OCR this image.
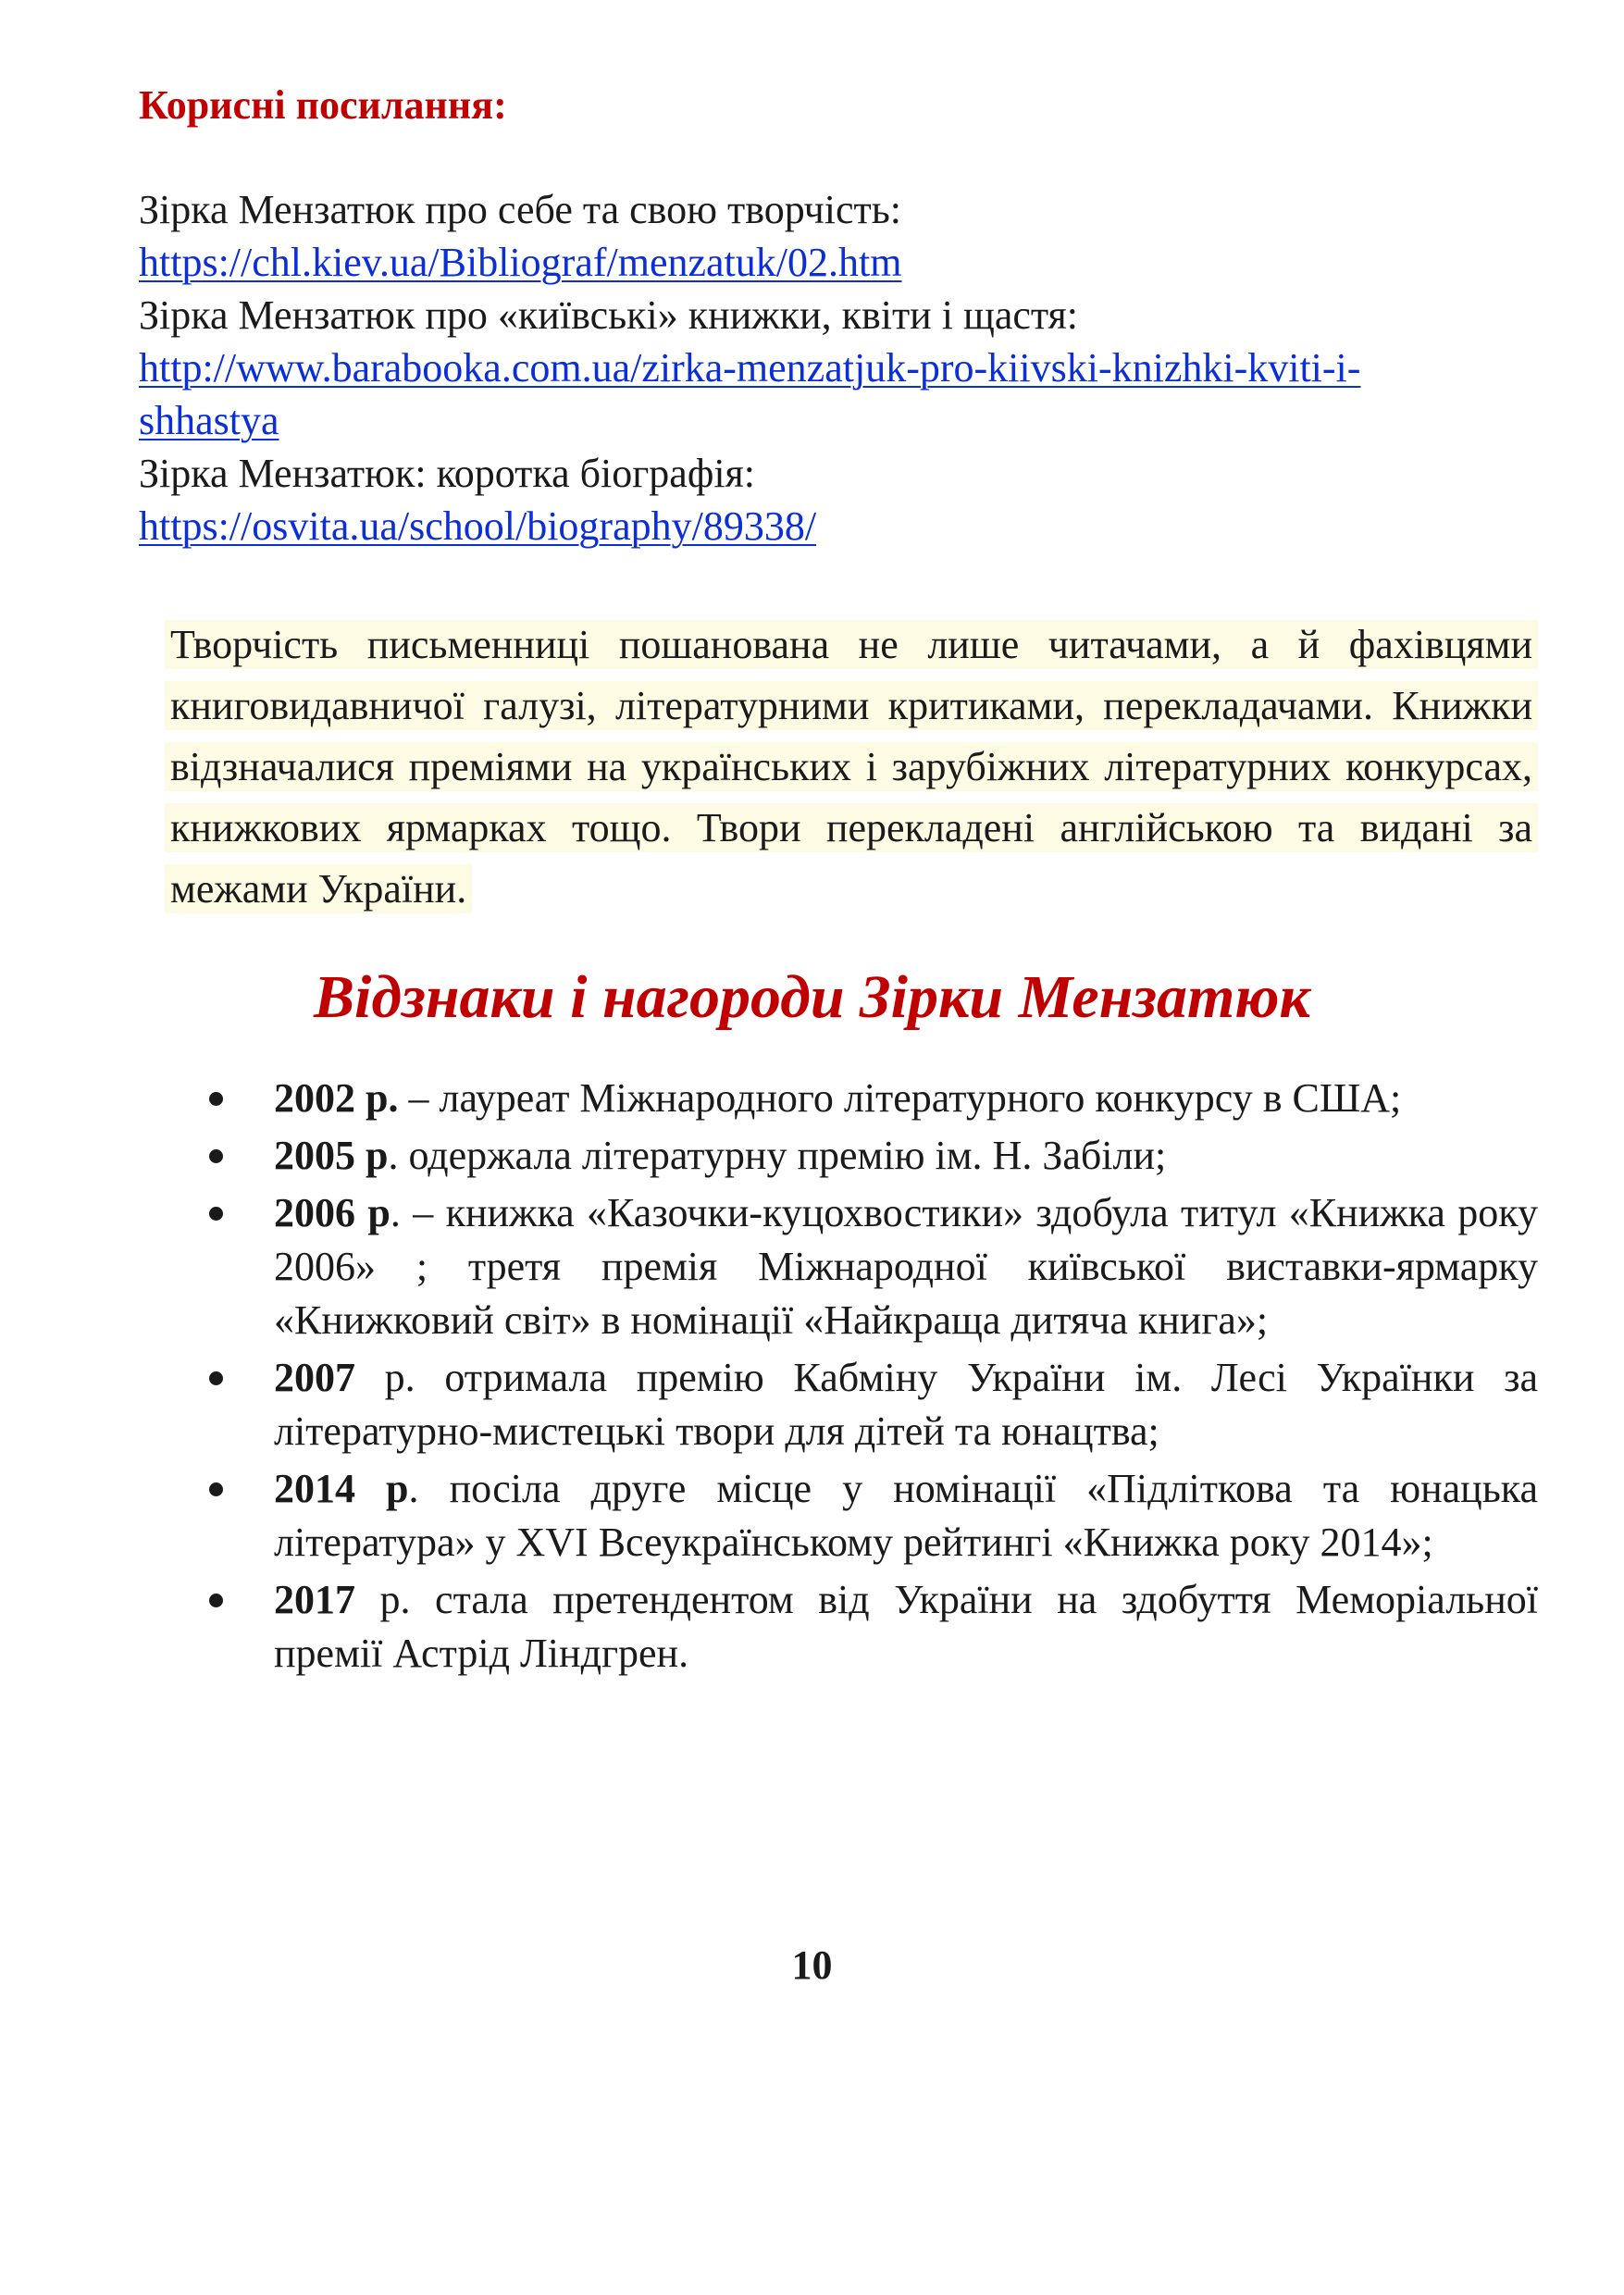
Корисні посилання:
Зірка Мензатюк про себе та свою творчість:
https://chl.kiev.ua/Bibliograf/menzatuk/02.htm
Зірка Мензатюк про «київські» книжки, квіти і щастя:
http://www.barabooka.com.ua/zirka-menzatjuk-pro-kiivski-knizhki-kviti-i-
shhastya
Зірка Мензатюк: коротка біографія:
https://osvita.ua/school/biography/89338/
Творчість письменниці пошанована не лише читачами, а й фахівцями книговидавничої галузі, літературними критиками, перекладачами. Книжки відзначалися преміями на українських і зарубіжних літературних конкурсах, книжкових ярмарках тощо. Твори перекладені англійською та видані за межами України.
Відзнаки і нагороди Зірки Мензатюк
2002 р. – лауреат Міжнародного літературного конкурсу в США;
2005 р. одержала літературну премію ім. Н. Забіли;
2006 р. – книжка «Казочки-куцохвостики» здобула титул «Книжка року 2006» ; третя премія Міжнародної київської виставки-ярмарку «Книжковий світ» в номінації «Найкраща дитяча книга»;
2007 р. отримала премію Кабміну України ім. Лесі Українки за літературно-мистецькі твори для дітей та юнацтва;
2014 р. посіла друге місце у номінації «Підліткова та юнацька література» у XVI Всеукраїнському рейтингі «Книжка року 2014»;
2017 р. стала претендентом від України на здобуття Меморіальної премії Астрід Ліндгрен.
10
